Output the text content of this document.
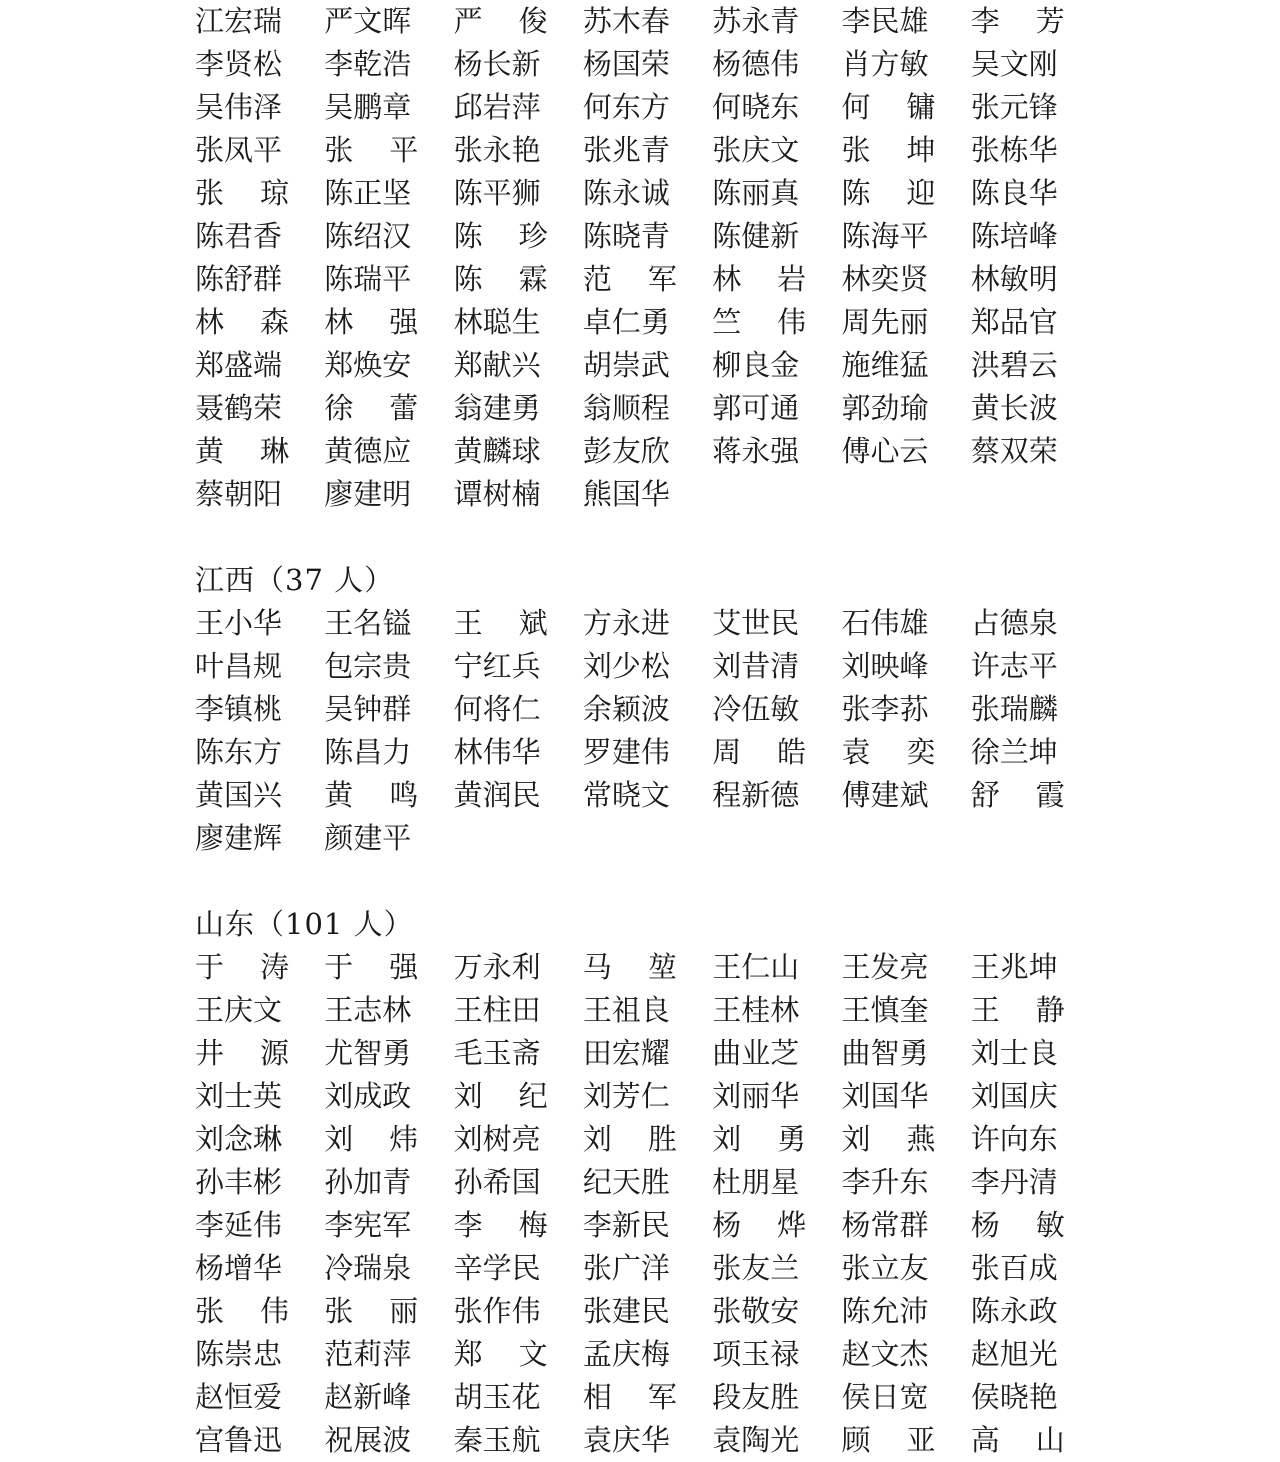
江宏瑞 严文晖 严 俊 苏木春 苏永青 李民雄 李 芳
李贤松 李乾浩 杨长新 杨国荣 杨德伟 肖方敏 吴文刚
吴伟泽 吴鹏章 邱岩萍 何东方 何晓东 何 镛 张元锋
张凤平 张 平 张永艳 张兆青 张庆文 张 坤 张栋华
张 琼 陈正坚 陈平狮 陈永诚 陈丽真 陈 迎 陈良华
陈君香 陈绍汉 陈 珍 陈晓青 陈健新 陈海平 陈培峰
陈舒群 陈瑞平 陈 霖 范 军 林 岩 林奕贤 林敏明
林 森 林 强 林聪生 卓仁勇 竺 伟 周先丽 郑品官
郑盛端 郑焕安 郑献兴 胡崇武 柳良金 施维猛 洪碧云
聂鹤荣 徐 蕾 翁建勇 翁顺程 郭可通 郭劲瑜 黄长波
黄 琳 黄德应 黄麟球 彭友欣 蒋永强 傅心云 蔡双荣
蔡朝阳 廖建明 谭树楠 熊国华
江西（37 人）
王小华 王名镒 王 斌 方永进 艾世民 石伟雄 占德泉
叶昌规 包宗贵 宁红兵 刘少松 刘昔清 刘映峰 许志平
李镇桃 吴钟群 何将仁 余颖波 冷伍敏 张李荪 张瑞麟
陈东方 陈昌力 林伟华 罗建伟 周 皓 袁 奕 徐兰坤
黄国兴 黄 鸣 黄润民 常晓文 程新德 傅建斌 舒 霞
廖建辉 颜建平
山东（101 人）
于 涛 于 强 万永利 马 堃 王仁山 王发亮 王兆坤
王庆文 王志林 王柱田 王祖良 王桂林 王慎奎 王 静
井 源 尤智勇 毛玉斋 田宏耀 曲业芝 曲智勇 刘士良
刘士英 刘成政 刘 纪 刘芳仁 刘丽华 刘国华 刘国庆
刘念琳 刘 炜 刘树亮 刘 胜 刘 勇 刘 燕 许向东
孙丰彬 孙加青 孙希国 纪天胜 杜朋星 李升东 李丹清
李延伟 李宪军 李 梅 李新民 杨 烨 杨常群 杨 敏
杨增华 冷瑞泉 辛学民 张广洋 张友兰 张立友 张百成
张 伟 张 丽 张作伟 张建民 张敬安 陈允沛 陈永政
陈崇忠 范莉萍 郑 文 孟庆梅 项玉禄 赵文杰 赵旭光
赵恒爱 赵新峰 胡玉花 相 军 段友胜 侯日宽 侯晓艳
宫鲁迅 祝展波 秦玉航 袁庆华 袁陶光 顾 亚 高 山
